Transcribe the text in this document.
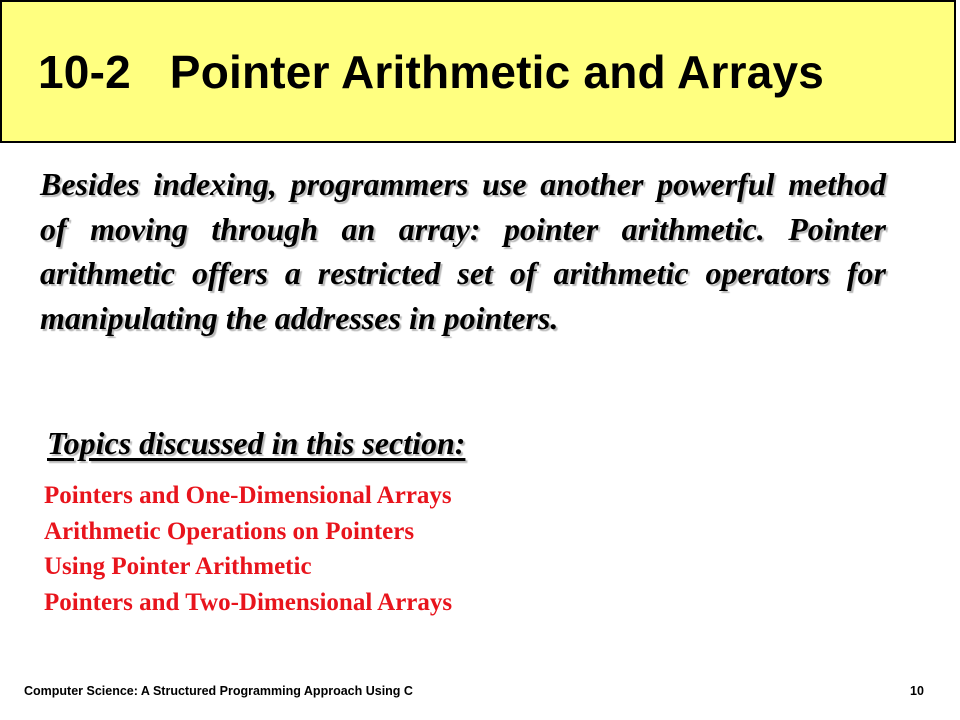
10-2   Pointer Arithmetic and Arrays

Besides indexing, programmers use another powerful method of moving through an array: pointer arithmetic. Pointer arithmetic offers a restricted set of arithmetic operators for manipulating the addresses in pointers.

Topics discussed in this section:
Pointers and One-Dimensional Arrays
Arithmetic Operations on Pointers
Using Pointer Arithmetic
Pointers and Two-Dimensional Arrays
Computer Science: A Structured Programming Approach Using C	10
